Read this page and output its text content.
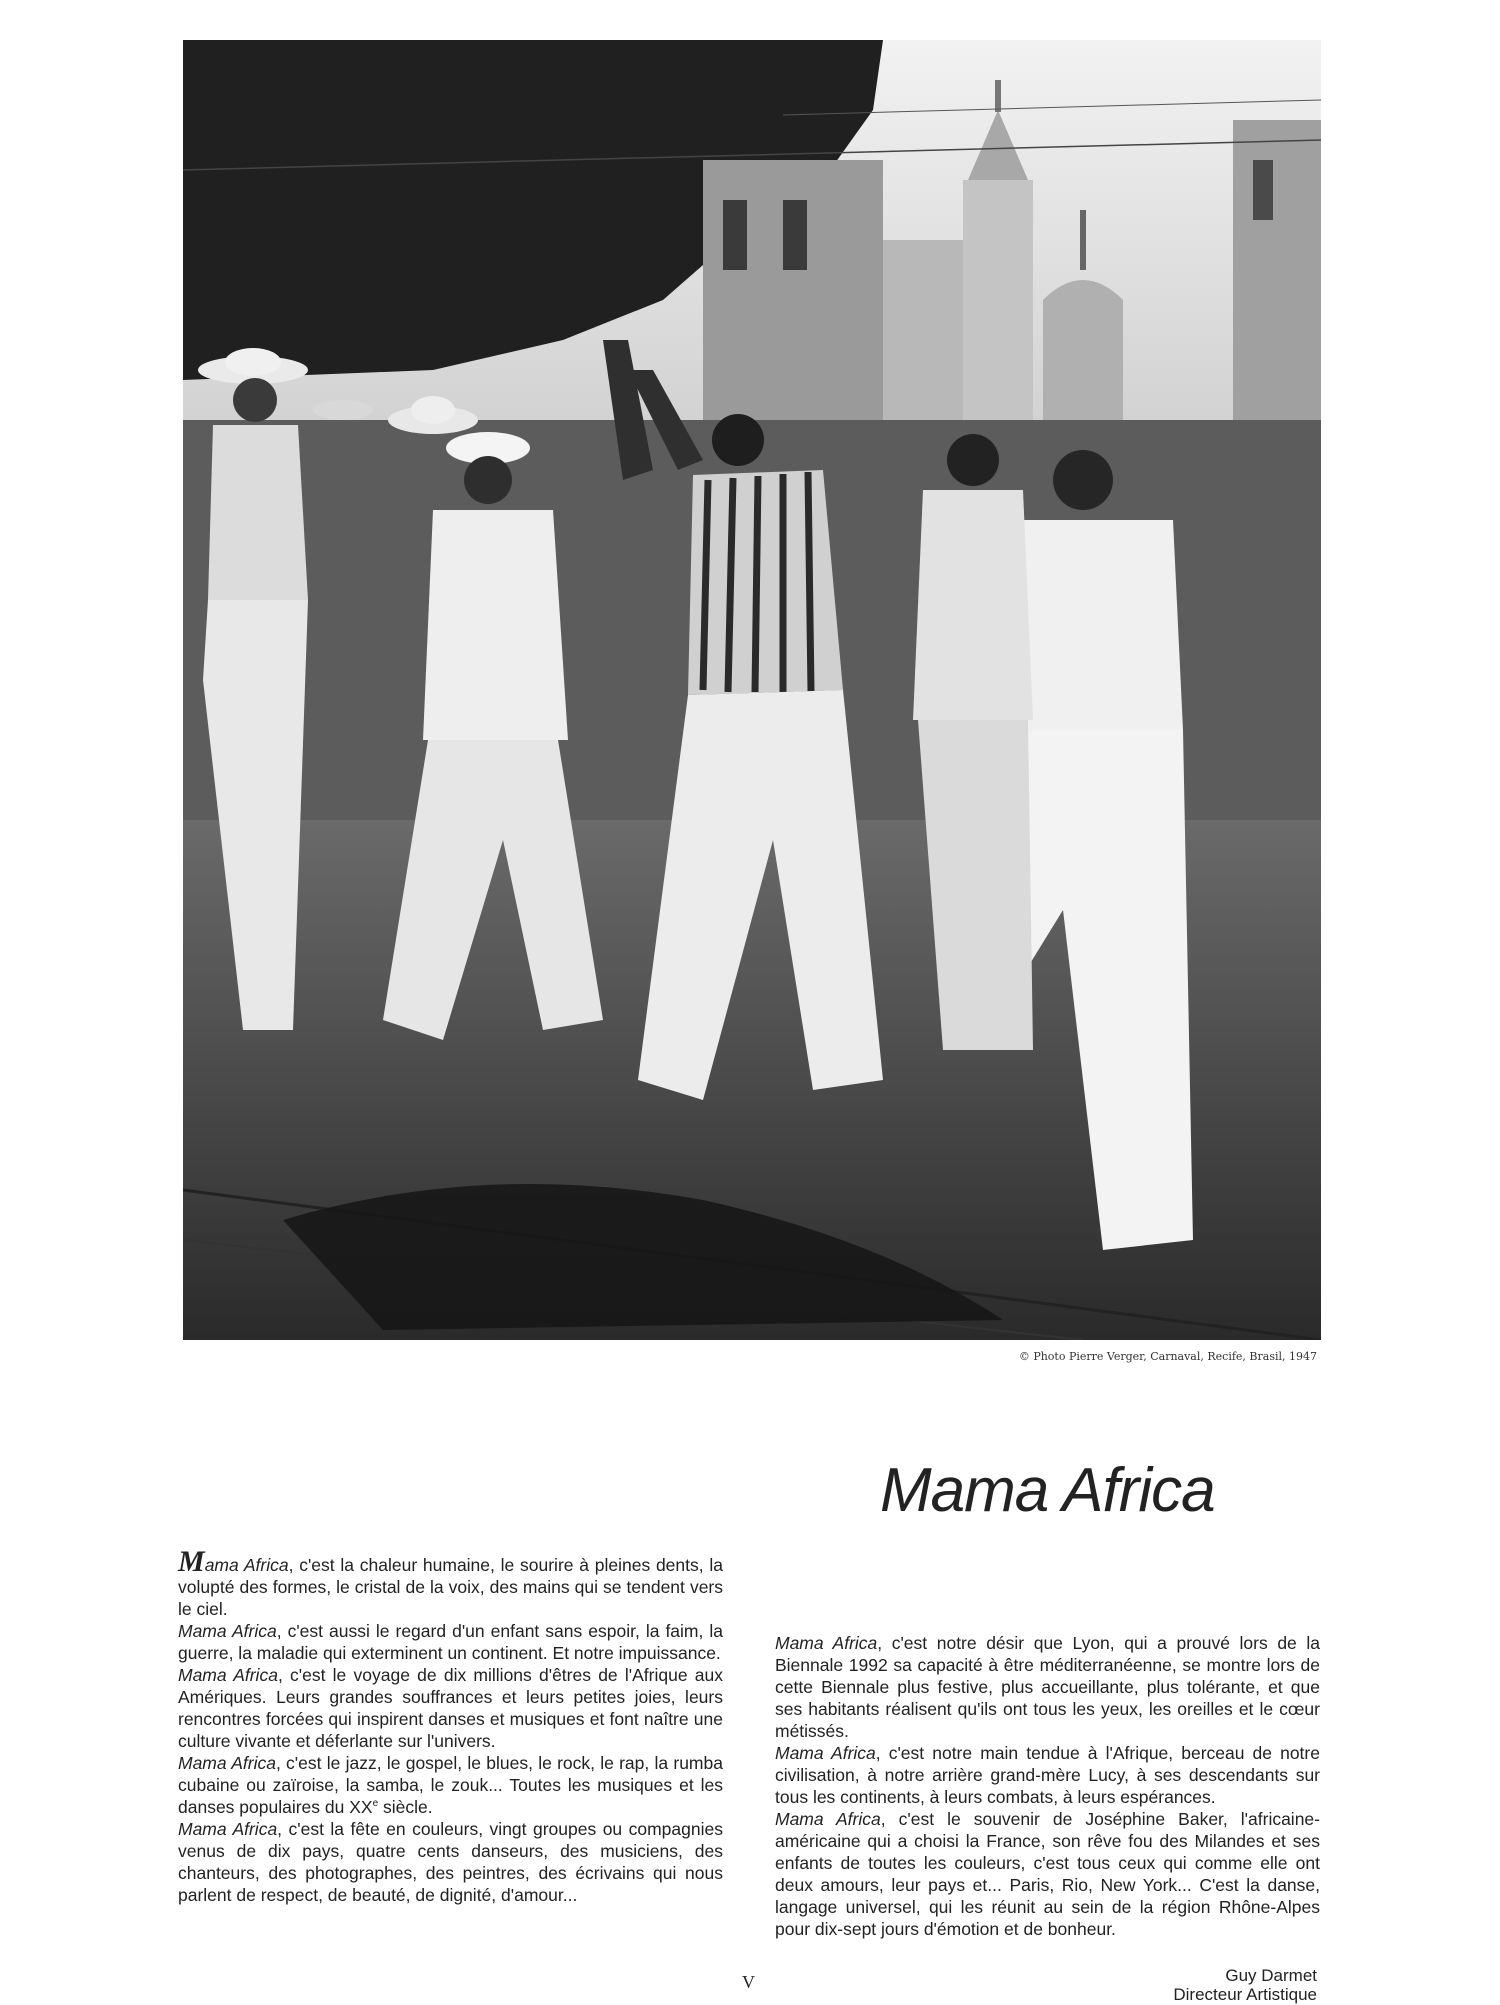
© Photo Pierre Verger, Carnaval, Recife, Brasil, 1947
Mama Africa

Mama Africa, c'est la chaleur humaine, le sourire à pleines dents, la volupté des formes, le cristal de la voix, des mains qui se tendent vers le ciel.

Mama Africa, c'est aussi le regard d'un enfant sans espoir, la faim, la guerre, la maladie qui exterminent un continent. Et notre impuissance.

Mama Africa, c'est le voyage de dix millions d'êtres de l'Afrique aux Amériques. Leurs grandes souffrances et leurs petites joies, leurs rencontres forcées qui inspirent danses et musiques et font naître une culture vivante et déferlante sur l'univers.

Mama Africa, c'est le jazz, le gospel, le blues, le rock, le rap, la rumba cubaine ou zaïroise, la samba, le zouk... Toutes les musiques et les danses populaires du XXe siècle.

Mama Africa, c'est la fête en couleurs, vingt groupes ou compagnies venus de dix pays, quatre cents danseurs, des musiciens, des chanteurs, des photographes, des peintres, des écrivains qui nous parlent de respect, de beauté, de dignité, d'amour...

Mama Africa, c'est notre désir que Lyon, qui a prouvé lors de la Biennale 1992 sa capacité à être méditerranéenne, se montre lors de cette Biennale plus festive, plus accueillante, plus tolérante, et que ses habitants réalisent qu'ils ont tous les yeux, les oreilles et le cœur métissés.

Mama Africa, c'est notre main tendue à l'Afrique, berceau de notre civilisation, à notre arrière grand-mère Lucy, à ses descendants sur tous les continents, à leurs combats, à leurs espérances.

Mama Africa, c'est le souvenir de Joséphine Baker, l'africaine-américaine qui a choisi la France, son rêve fou des Milandes et ses enfants de toutes les couleurs, c'est tous ceux qui comme elle ont deux amours, leur pays et... Paris, Rio, New York... C'est la danse, langage universel, qui les réunit au sein de la région Rhône-Alpes pour dix-sept jours d'émotion et de bonheur.

Guy Darmet
Directeur Artistique
V
